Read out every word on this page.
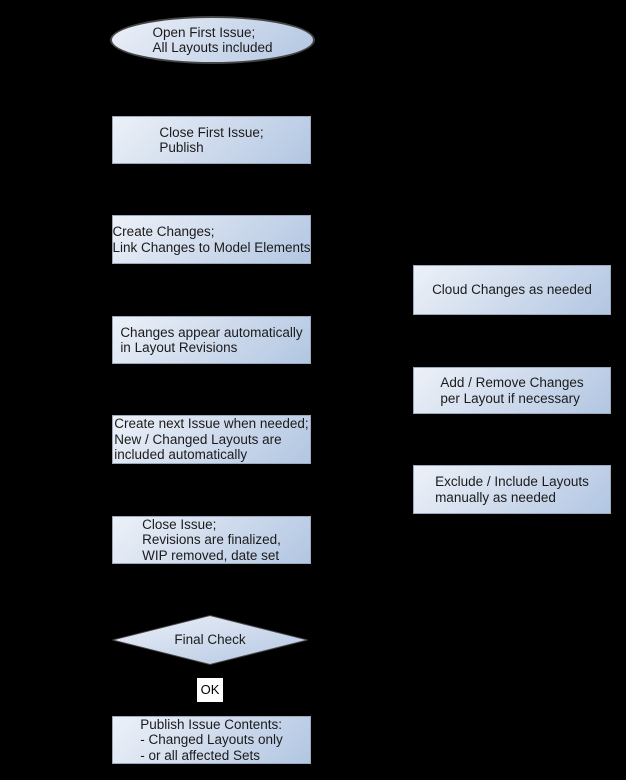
Open First Issue;
All Layouts included
Close First Issue;
Publish
Create Changes;
Link Changes to Model Elements
Changes appear automatically
in Layout Revisions
Create next Issue when needed;
New / Changed Layouts are
included automatically
Close Issue;
Revisions are finalized,
WIP removed, date set
Final Check
OK
Publish Issue Contents:
- Changed Layouts only
- or all affected Sets
Cloud Changes as needed
Add / Remove Changes
per Layout if necessary
Exclude / Include Layouts
manually as needed
